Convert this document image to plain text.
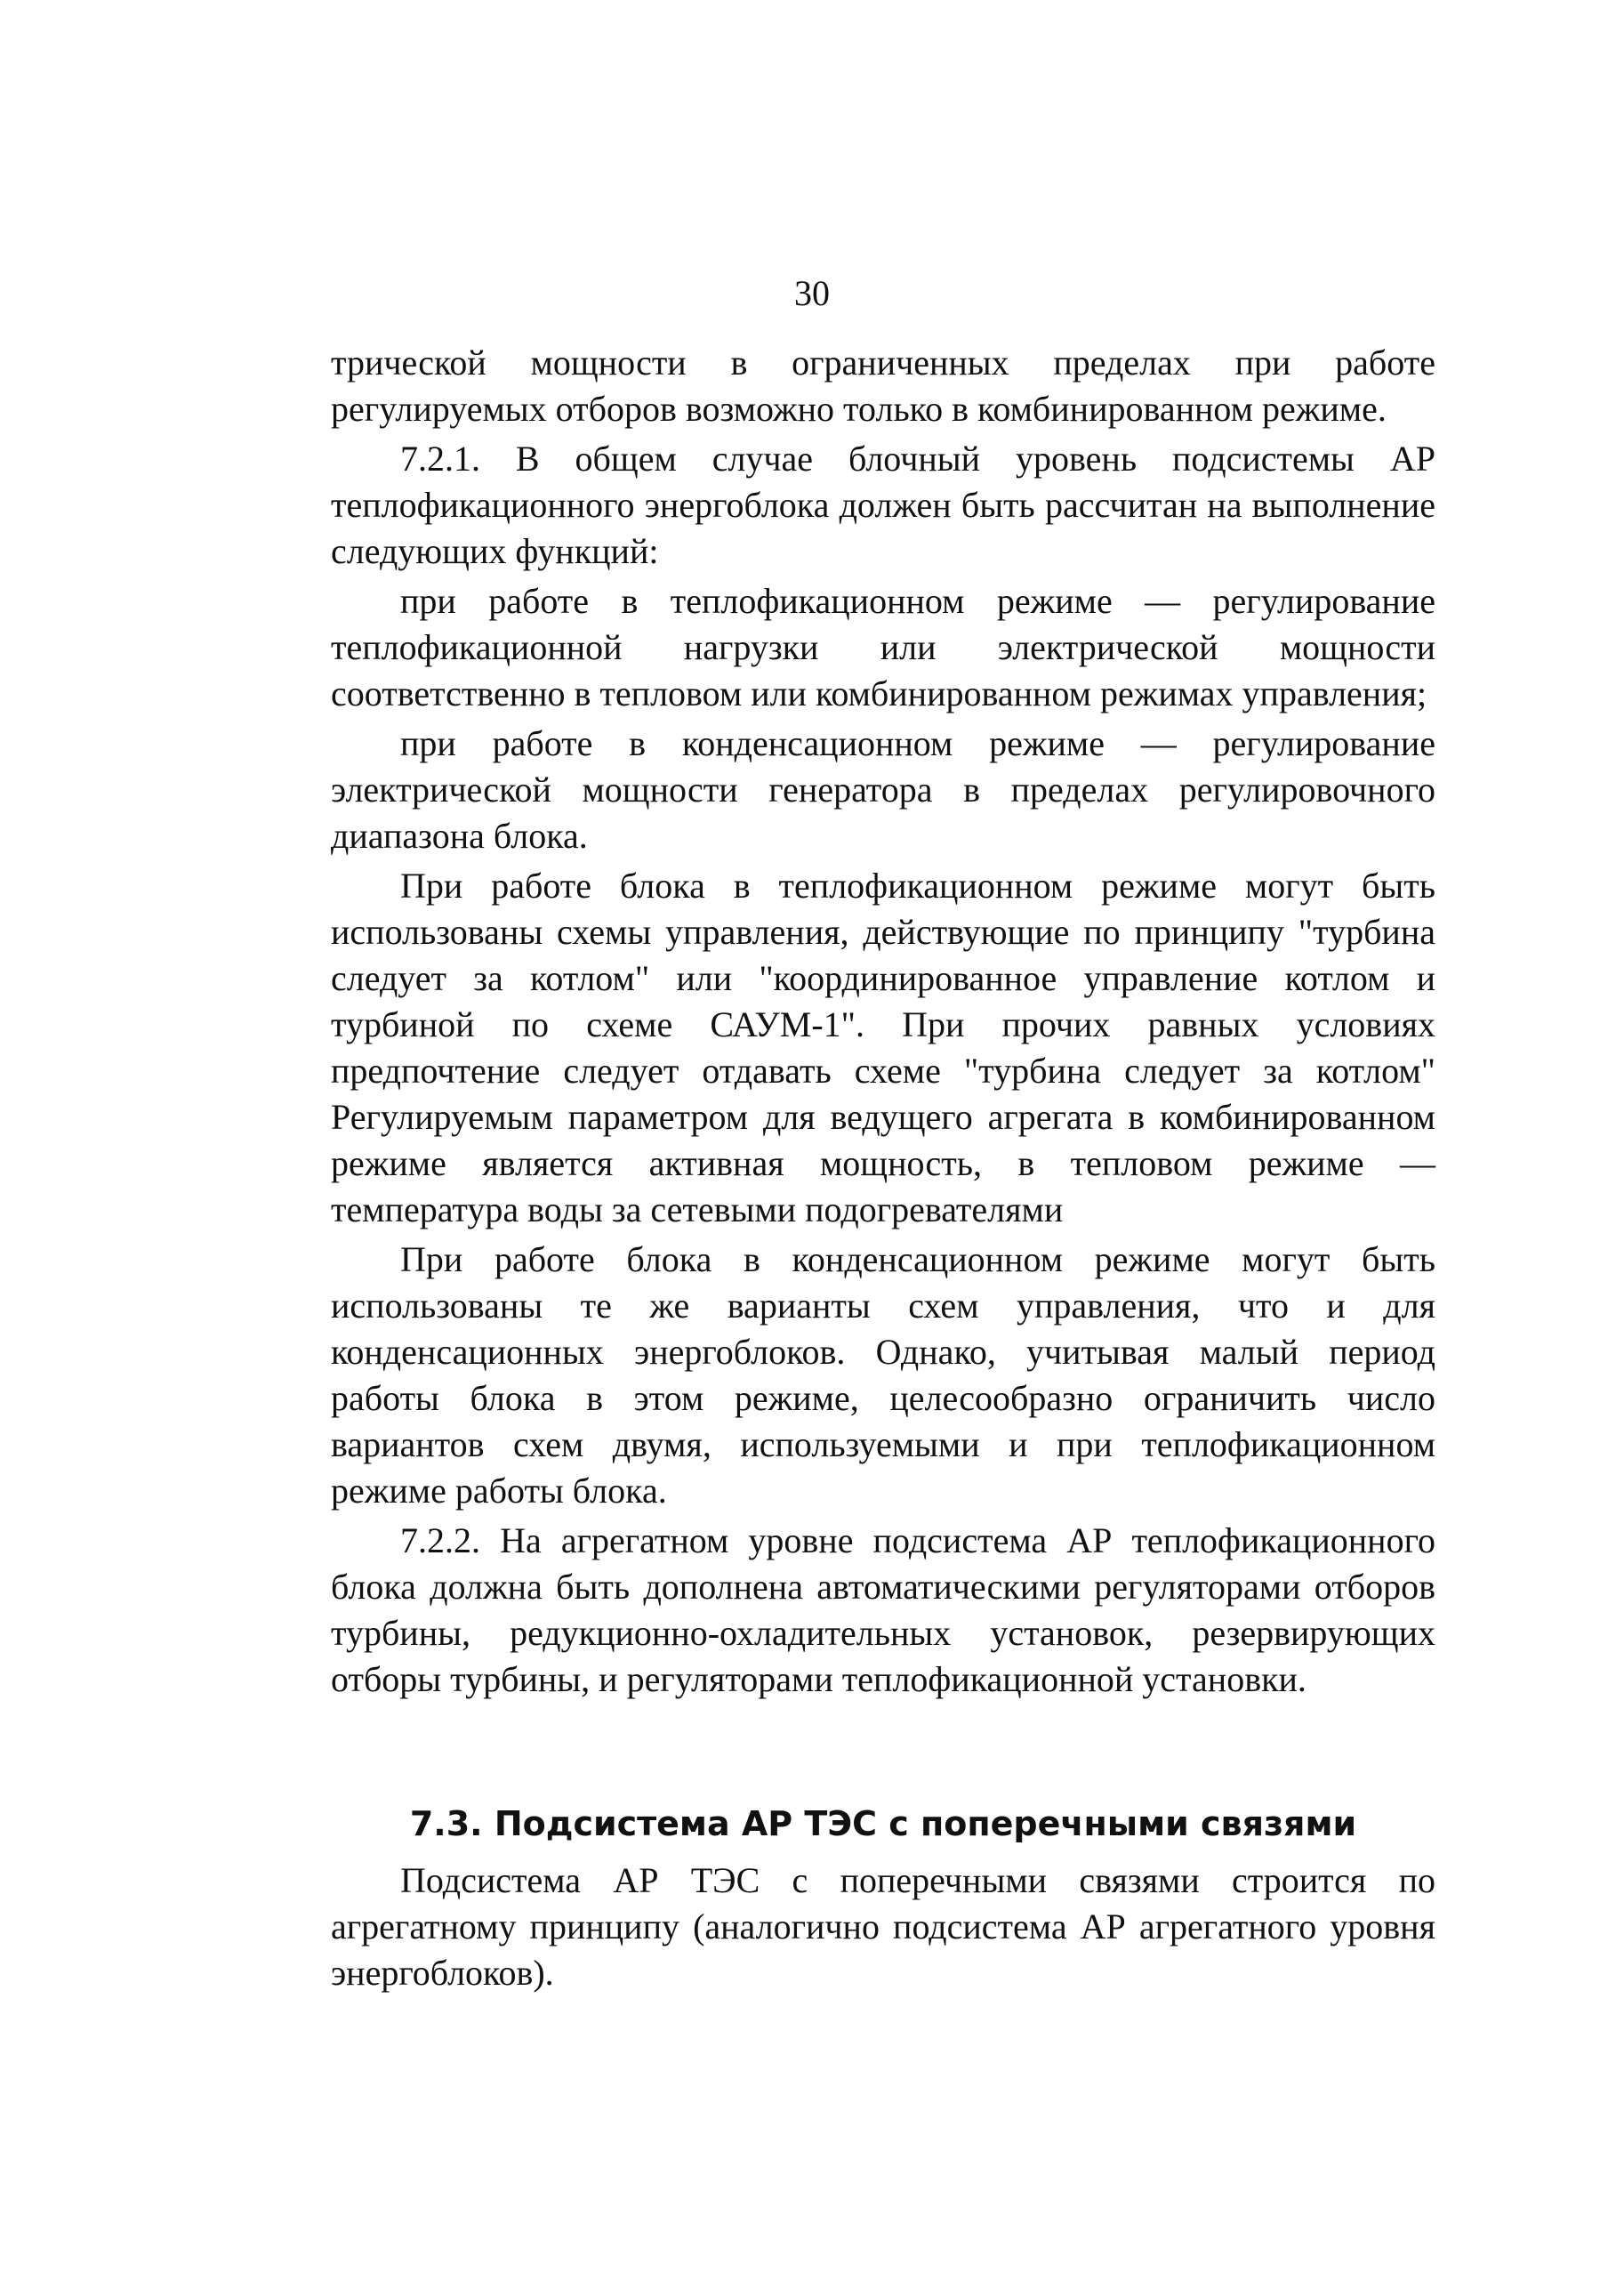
30

трической мощности в ограниченных пределах при работе регулируемых отборов возможно только в комбинированном режиме.

7.2.1. В общем случае блочный уровень подсистемы АР теплофикационного энергоблока должен быть рассчитан на выполнение следующих функций:

при работе в теплофикационном режиме — регулирование теплофикационной нагрузки или электрической мощности соответственно в тепловом или комбинированном режимах управления;

при работе в конденсационном режиме — регулирование электрической мощности генератора в пределах регулировочного диапазона блока.

При работе блока в теплофикационном режиме могут быть использованы схемы управления, действующие по принципу "турбина следует за котлом" или "координированное управление котлом и турбиной по схеме САУМ-1". При прочих равных условиях предпочтение следует отдавать схеме "турбина следует за котлом" Регулируемым параметром для ведущего агрегата в комбинированном режиме является активная мощность, в тепловом режиме — температура воды за сетевыми подогревателями

При работе блока в конденсационном режиме могут быть использованы те же варианты схем управления, что и для конденсационных энергоблоков. Однако, учитывая малый период работы блока в этом режиме, целесообразно ограничить число вариантов схем двумя, используемыми и при теплофикационном режиме работы блока.

7.2.2. На агрегатном уровне подсистема АР теплофикационного блока должна быть дополнена автоматическими регуляторами отборов турбины, редукционно-охладительных установок, резервирующих отборы турбины, и регуляторами теплофикационной установки.

7.3. Подсистема АР ТЭС с поперечными связями

Подсистема АР ТЭС с поперечными связями строится по агрегатному принципу (аналогично подсистема АР агрегатного уровня энергоблоков).
